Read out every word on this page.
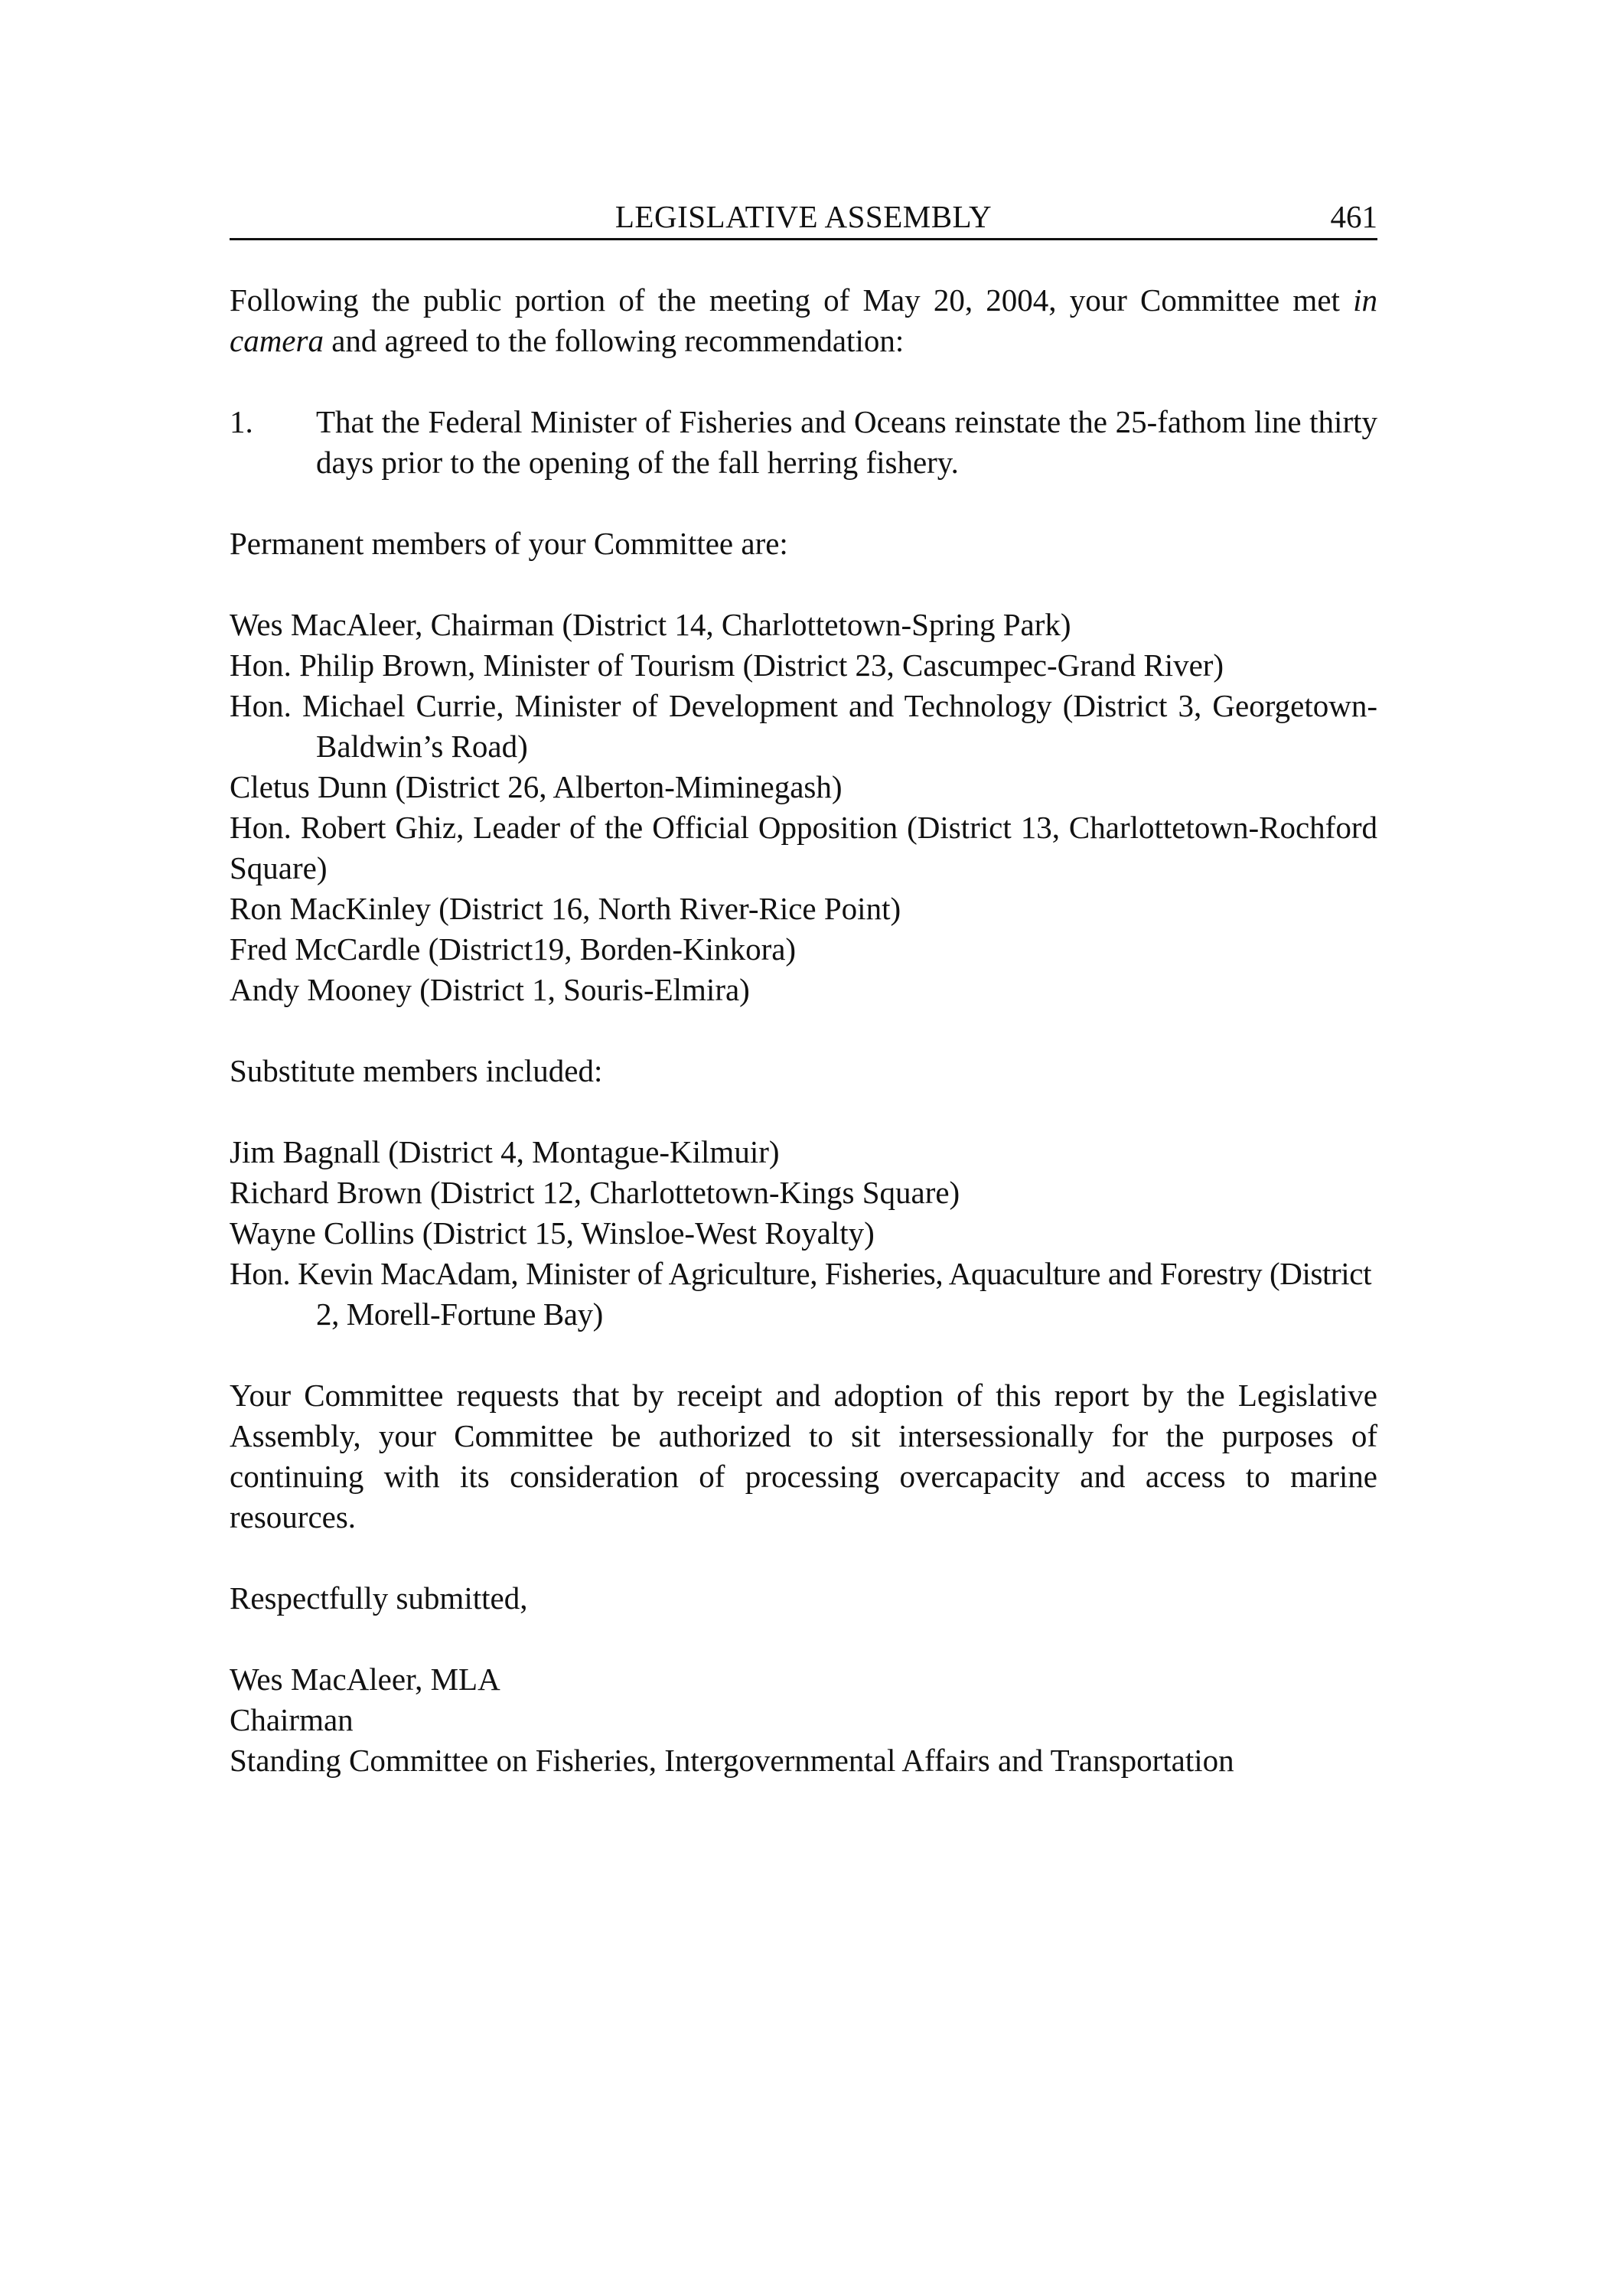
LEGISLATIVE ASSEMBLY	461

Following the public portion of the meeting of May 20, 2004, your Committee met in camera and agreed to the following recommendation:

1.	That the Federal Minister of Fisheries and Oceans reinstate the 25-fathom line thirty days prior to the opening of the fall herring fishery.

Permanent members of your Committee are:

Wes MacAleer, Chairman (District 14, Charlottetown-Spring Park)

Hon. Philip Brown, Minister of Tourism (District 23, Cascumpec-Grand River)

Hon. Michael Currie, Minister of Development and Technology (District 3, Georgetown-Baldwin’s Road)

Cletus Dunn (District 26, Alberton-Miminegash)

Hon. Robert Ghiz, Leader of the Official Opposition (District 13, Charlottetown-Rochford Square)

Ron MacKinley (District 16, North River-Rice Point)

Fred McCardle (District19, Borden-Kinkora)

Andy Mooney (District 1, Souris-Elmira)

Substitute members included:

Jim Bagnall (District 4, Montague-Kilmuir)

Richard Brown (District 12, Charlottetown-Kings Square)

Wayne Collins (District 15, Winsloe-West Royalty)

Hon. Kevin MacAdam, Minister of Agriculture, Fisheries, Aquaculture and Forestry (District 2, Morell-Fortune Bay)

Your Committee requests that by receipt and adoption of this report by the Legislative Assembly, your Committee be authorized to sit intersessionally for the purposes of continuing with its consideration of processing overcapacity and access to marine resources.

Respectfully submitted,

Wes MacAleer, MLA

Chairman

Standing Committee on Fisheries, Intergovernmental Affairs and Transportation
